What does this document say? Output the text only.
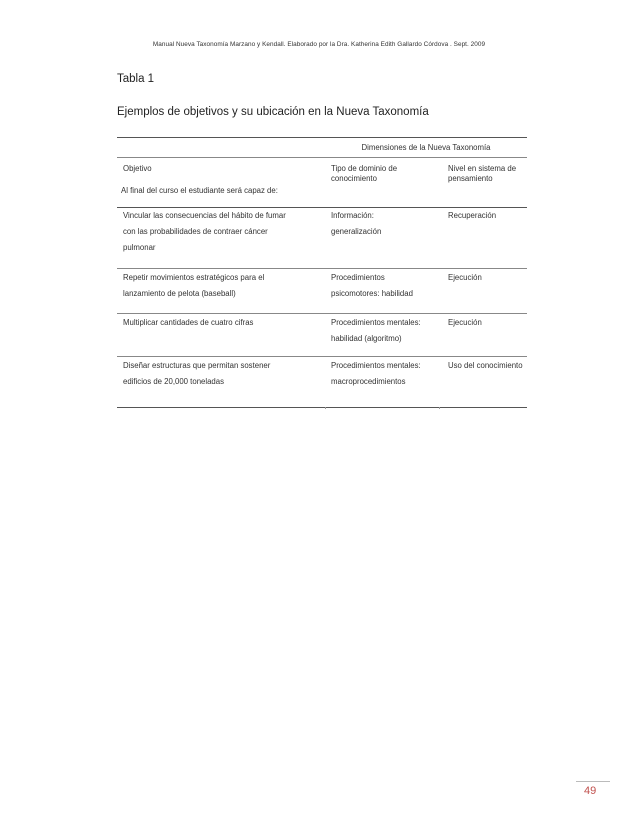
Manual Nueva Taxonomía Marzano y Kendall. Elaborado por la Dra. Katherina Edith Gallardo Córdova . Sept. 2009
Tabla 1
Ejemplos de objetivos y su ubicación en la Nueva Taxonomía
Dimensiones de la Nueva Taxonomía
Objetivo
Al final del curso el estudiante será capaz de:
Tipo de dominio de
conocimiento
Nivel en sistema de
pensamiento
Vincular las consecuencias del hábito de fumar
con las probabilidades de contraer cáncer
pulmonar
Información:
generalización
Recuperación
Repetir movimientos estratégicos para el
lanzamiento de pelota (baseball)
Procedimientos
psicomotores: habilidad
Ejecución
Multiplicar cantidades de cuatro cifras	Procedimientos mentales:
habilidad (algoritmo)
Ejecución
Diseñar estructuras que permitan sostener
edificios de 20,000 toneladas
Procedimientos mentales:
macroprocedimientos
Uso del conocimiento
49
